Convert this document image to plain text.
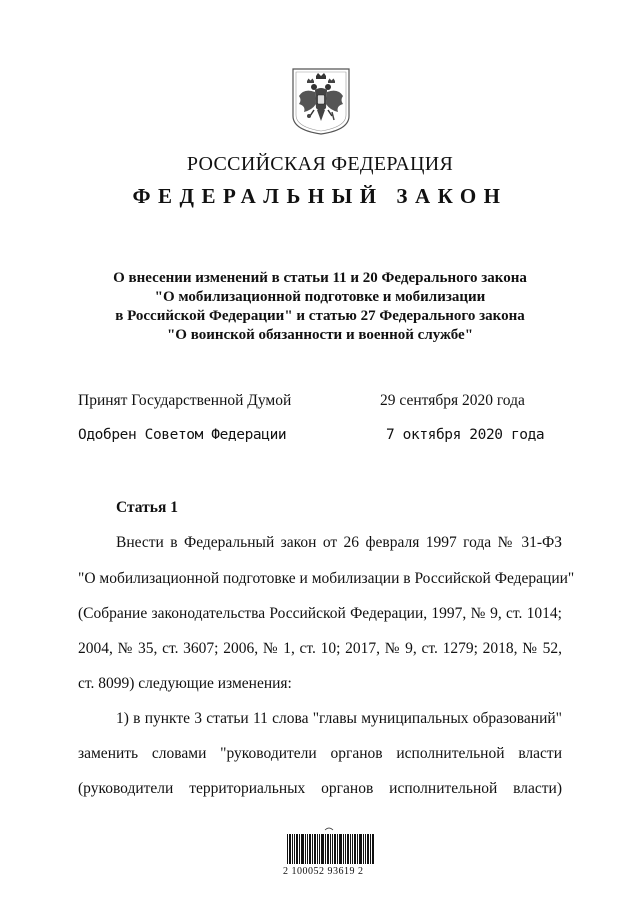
РОССИЙСКАЯ ФЕДЕРАЦИЯ
ФЕДЕРАЛЬНЫЙ ЗАКОН
О внесении изменений в статьи 11 и 20 Федерального закона
"О мобилизационной подготовке и мобилизации
в Российской Федерации" и статью 27 Федерального закона
"О воинской обязанности и военной службе"
Принят Государственной Думой	29 сентября 2020 года
Одобрен Советом Федерации	7 октября 2020 года
Статья 1
Внести в Федеральный закон от 26 февраля 1997 года № 31-ФЗ
"О мобилизационной подготовке и мобилизации в Российской Федерации"
(Собрание законодательства Российской Федерации, 1997, № 9, ст. 1014;
2004, № 35, ст. 3607; 2006, № 1, ст. 10; 2017, № 9, ст. 1279; 2018, № 52,
ст. 8099) следующие изменения:
1) в пункте 3 статьи 11 слова "главы муниципальных образований"
заменить словами "руководители органов исполнительной власти
(руководители территориальных органов исполнительной власти)
2 100052 93619 2
